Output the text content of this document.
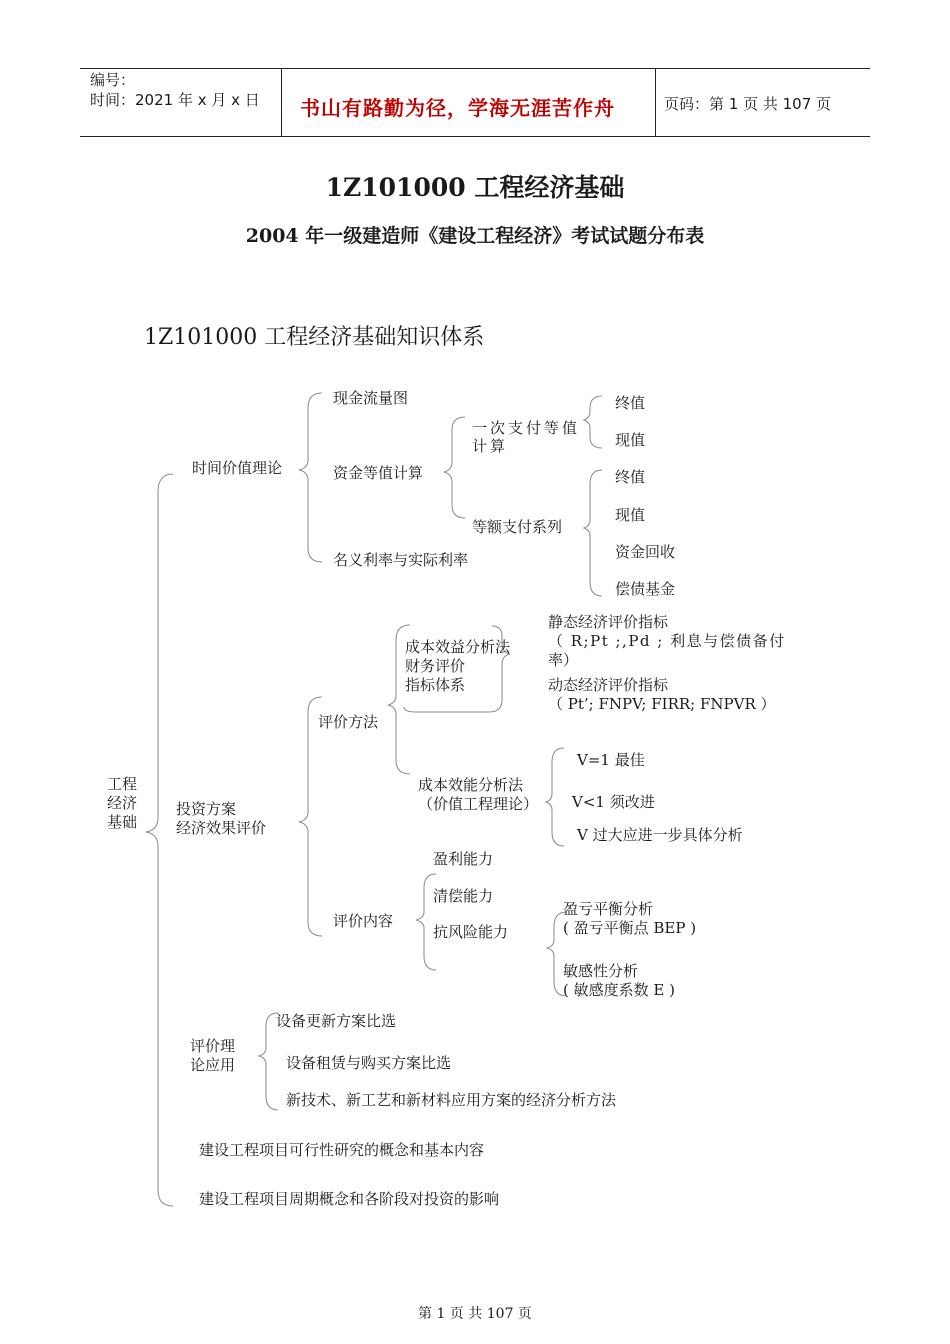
编号：
时间：2021 年 x 月 x 日 书山有路勤为径，学海无涯苦作舟	页码：第 1 页 共 107 页
1Z101000 工程经济基础
2004 年一级建造师《建设工程经济》考试试题分布表
1Z101000 工程经济基础知识体系
工程
经济
基础
时间价值理论
现金流量图
资金等值计算
一次支付等值计算
终值
现值
等额支付系列
终值
现值
资金回收
偿债基金
名义利率与实际利率
投资方案
经济效果评价
评价方法
成本效益分析法
财务评价
指标体系
静态经济评价指标
（ R;Pt ;,Pd ; 利息与偿债备付
率）
动态经济评价指标
（ Pt’; FNPV; FIRR; FNPVR ）
成本效能分析法
（价值工程理论）
V=1 最佳
V<1 须改进
V 过大应进一步具体分析
评价内容
盈利能力
清偿能力
抗风险能力
盈亏平衡分析
( 盈亏平衡点 BEP )
敏感性分析
( 敏感度系数 E )
评价理
论应用
设备更新方案比选
设备租赁与购买方案比选
新技术、新工艺和新材料应用方案的经济分析方法
建设工程项目可行性研究的概念和基本内容
建设工程项目周期概念和各阶段对投资的影响
第 1 页 共 107 页
